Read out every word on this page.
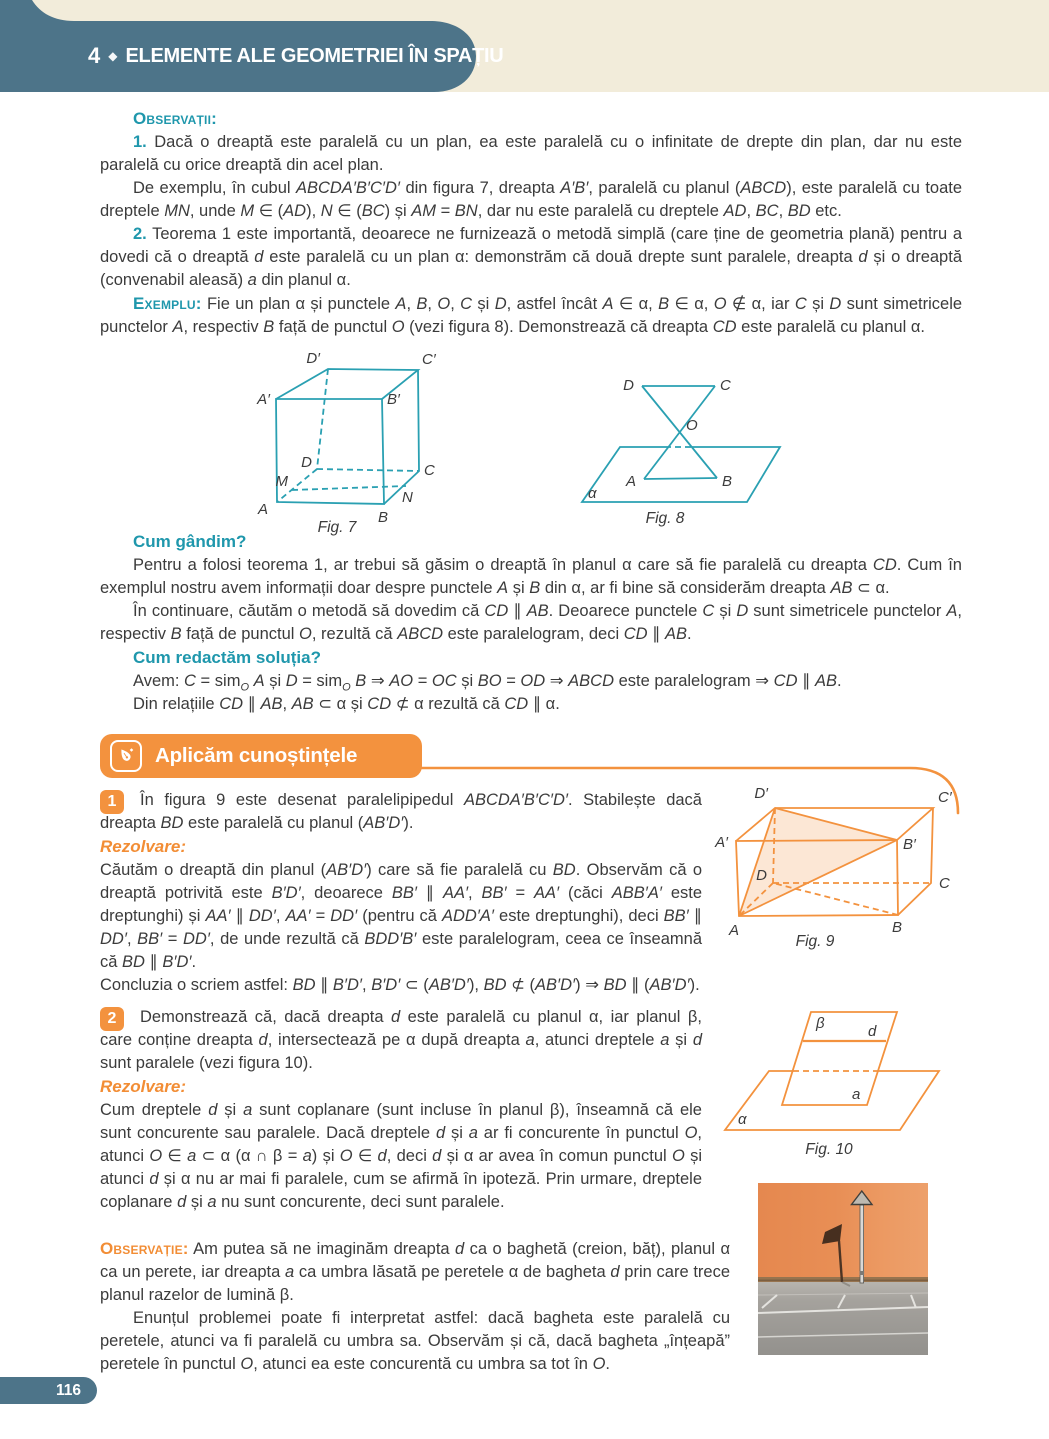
4 ◆ ELEMENTE ALE GEOMETRIEI ÎN SPAȚIU

Observații:

1. Dacă o dreaptă este paralelă cu un plan, ea este paralelă cu o infinitate de drepte din plan, dar nu este paralelă cu orice dreaptă din acel plan.

De exemplu, în cubul ABCDA′B′C′D′ din figura 7, dreapta A′B′, paralelă cu planul (ABCD), este paralelă cu toate dreptele MN, unde M ∈ (AD), N ∈ (BC) și AM = BN, dar nu este paralelă cu dreptele AD, BC, BD etc.

2. Teorema 1 este importantă, deoarece ne furnizează o metodă simplă (care ține de geometria plană) pentru a dovedi că o dreaptă d este paralelă cu un plan α: demonstrăm că două drepte sunt paralele, dreapta d și o dreaptă (convenabil aleasă) a din planul α.

Exemplu: Fie un plan α și punctele A, B, O, C și D, astfel încât A ∈ α, B ∈ α, O ∉ α, iar C și D sunt simetricele punctelor A, respectiv B față de punctul O (vezi figura 8). Demonstrează că dreapta CD este paralelă cu planul α.

D′	C′
A′	B′
D	C
M
N
A	B
Fig. 7
D	C
O
A	B
α
Fig. 8

Cum gândim?

Pentru a folosi teorema 1, ar trebui să găsim o dreaptă în planul α care să fie paralelă cu dreapta CD. Cum în exemplul nostru avem informații doar despre punctele A și B din α, ar fi bine să considerăm dreapta AB ⊂ α.

În continuare, căutăm o metodă să dovedim că CD ∥ AB. Deoarece punctele C și D sunt simetricele punctelor A, respectiv B față de punctul O, rezultă că ABCD este paralelogram, deci CD ∥ AB.

Cum redactăm soluția?

Avem: C = sim$_O$ A și D = sim$_O$ B ⇒ AO = OC și BO = OD ⇒ ABCD este paralelogram ⇒ CD ∥ AB.

Din relațiile CD ∥ AB, AB ⊂ α și CD ⊄ α rezultă că CD ∥ α.

Aplicăm cunoștințele
1	În figura 9 este desenat paralelipipedul ABCDA′B′C′D′. Stabilește dacă dreapta BD este paralelă cu planul (AB′D′).

Rezolvare:

Căutăm o dreaptă din planul (AB′D′) care să fie paralelă cu BD. Observăm că o dreaptă potrivită este B′D′, deoarece BB′ ∥ AA′, BB′ = AA′ (căci ABB′A′ este dreptunghi) și AA′ ∥ DD′, AA′ = DD′ (pentru că ADD′A′ este dreptunghi), deci BB′ ∥ DD′, BB′ = DD′, de unde rezultă că BDD′B′ este paralelogram, ceea ce înseamnă că BD ∥ B′D′.

Concluzia o scriem astfel: BD ∥ B′D′, B′D′ ⊂ (AB′D′), BD ⊄ (AB′D′) ⇒ BD ∥ (AB′D′).

D′	C′
A′	B′
D	C
A	B
Fig. 9
2	Demonstrează că, dacă dreapta d este paralelă cu planul α, iar planul β, care conține dreapta d, intersectează pe α după dreapta a, atunci dreptele a și d sunt paralele (vezi figura 10).

Rezolvare:

Cum dreptele d și a sunt coplanare (sunt incluse în planul β), înseamnă că ele sunt concurente sau paralele. Dacă dreptele d și a ar fi concurente în punctul O, atunci O ∈ a ⊂ α (α ∩ β = a) și O ∈ d, deci d și α ar avea în comun punctul O și atunci d și α nu ar mai fi paralele, cum se afirmă în ipoteză. Prin urmare, dreptele coplanare d și a nu sunt concurente, deci sunt paralele.

β	d
a
α
Fig. 10

Observație: Am putea să ne imaginăm dreapta d ca o baghetă (creion, băț), planul α ca un perete, iar dreapta a ca umbra lăsată pe peretele α de bagheta d prin care trece planul razelor de lumină β.

Enunțul problemei poate fi interpretat astfel: dacă bagheta este paralelă cu peretele, atunci va fi paralelă cu umbra sa. Observăm și că, dacă bagheta „înțeapă” peretele în punctul O, atunci ea este concurentă cu umbra sa tot în O.

116
